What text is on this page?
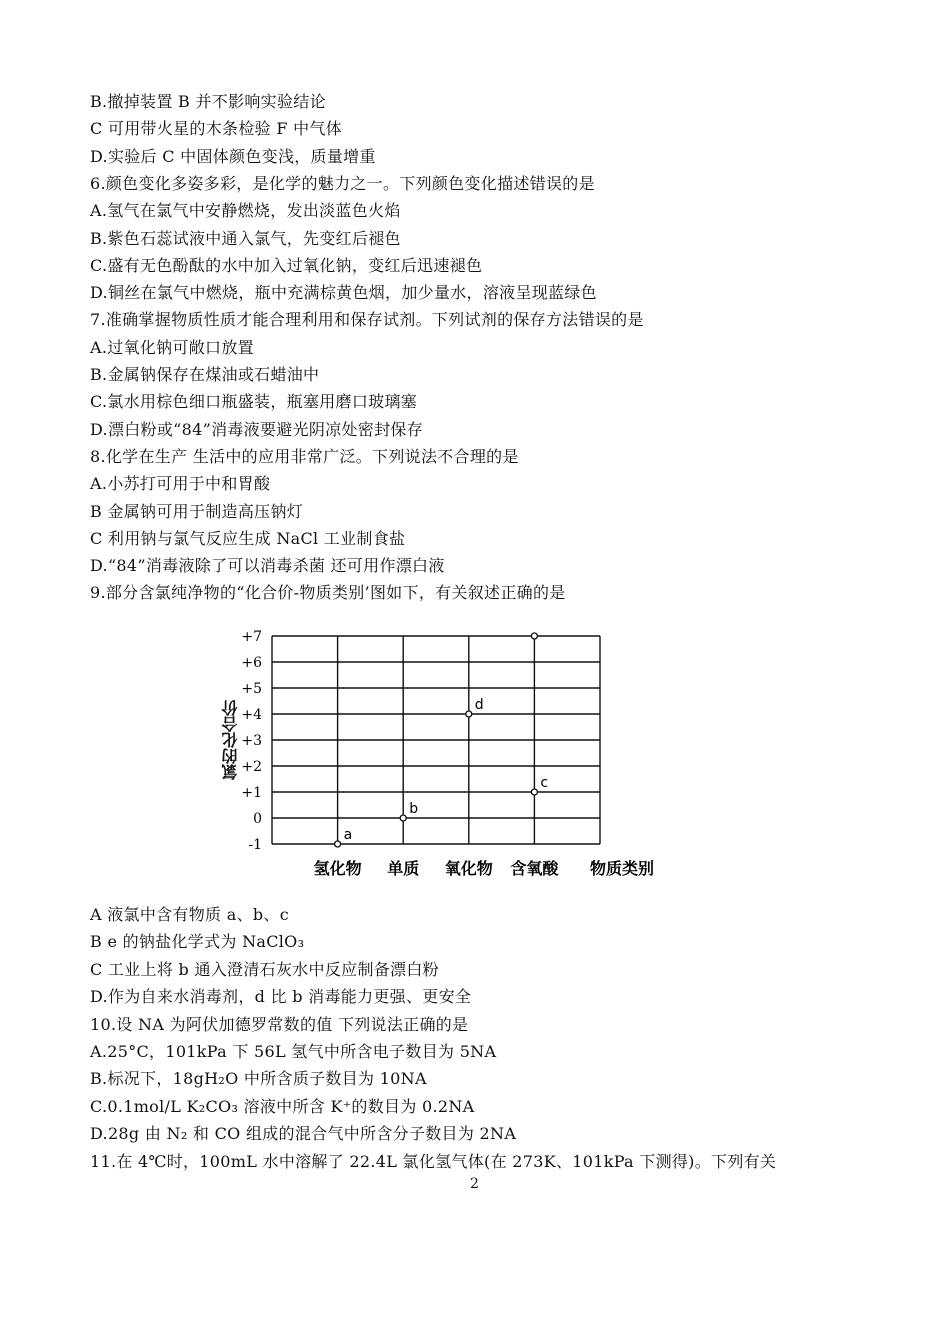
B.撤掉装置 B 并不影响实验结论
C 可用带火星的木条检验 F 中气体
D.实验后 C 中固体颜色变浅，质量增重
6.颜色变化多姿多彩，是化学的魅力之一。下列颜色变化描述错误的是
A.氢气在氯气中安静燃烧，发出淡蓝色火焰
B.紫色石蕊试液中通入氯气，先变红后褪色
C.盛有无色酚酞的水中加入过氧化钠，变红后迅速褪色
D.铜丝在氯气中燃烧，瓶中充满棕黄色烟，加少量水，溶液呈现蓝绿色
7.准确掌握物质性质才能合理利用和保存试剂。下列试剂的保存方法错误的是
A.过氧化钠可敞口放置
B.金属钠保存在煤油或石蜡油中
C.氯水用棕色细口瓶盛装，瓶塞用磨口玻璃塞
D.漂白粉或“84”消毒液要避光阴凉处密封保存
8.化学在生产 生活中的应用非常广泛。下列说法不合理的是
A.小苏打可用于中和胃酸
B 金属钠可用于制造高压钠灯
C 利用钠与氯气反应生成 NaCl 工业制食盐
D.“84”消毒液除了可以消毒杀菌 还可用作漂白液
9.部分含氯纯净物的“化合价-物质类别’图如下，有关叙述正确的是
氯的化合价
+7
+6
+5
+4
+3
+2
+1
0
-1
氢化物 单质 氧化物 含氧酸 物质类别
a
b
d
c
A 液氯中含有物质 a、b、c
B e 的钠盐化学式为 NaClO₃
C 工业上将 b 通入澄清石灰水中反应制备漂白粉
D.作为自来水消毒剂，d 比 b 消毒能力更强、更安全
10.设 NA 为阿伏加德罗常数的值 下列说法正确的是
A.25°C，101kPa 下 56L 氢气中所含电子数目为 5NA
B.标况下，18gH₂O 中所含质子数目为 10NA
C.0.1mol/L K₂CO₃ 溶液中所含 K⁺的数目为 0.2NA
D.28g 由 N₂ 和 CO 组成的混合气中所含分子数目为 2NA
11.在 4℃时，100mL 水中溶解了 22.4L 氯化氢气体(在 273K、101kPa 下测得)。下列有关
2
